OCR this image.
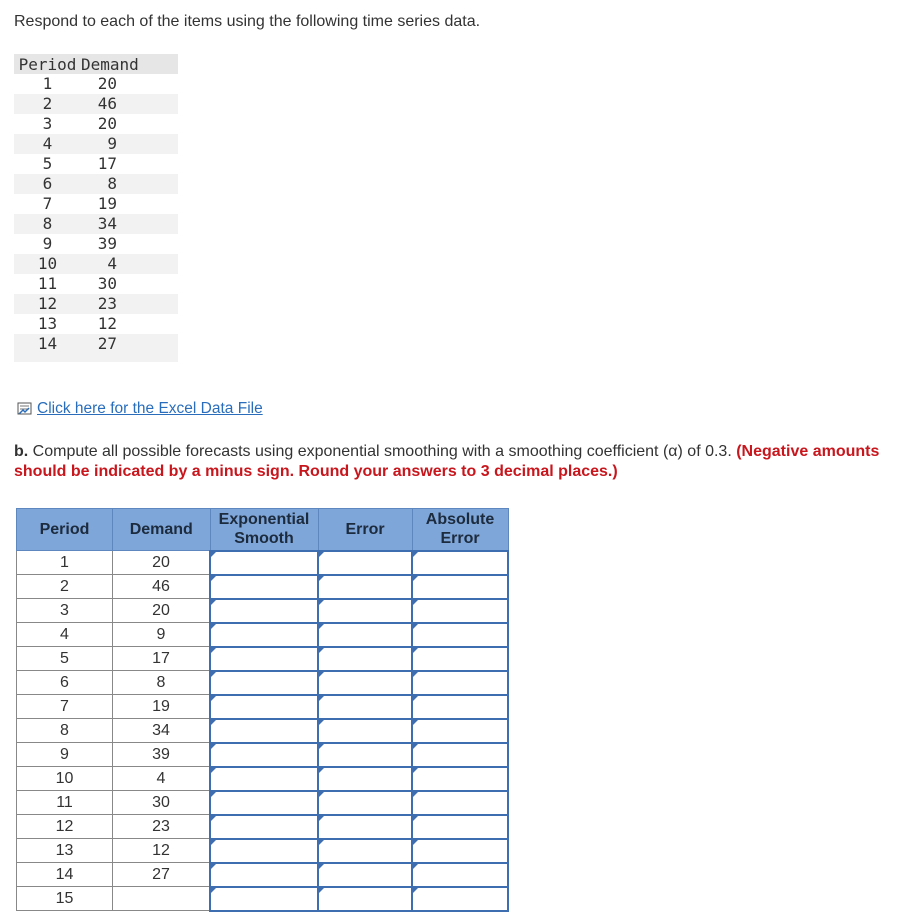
Respond to each of the items using the following time series data.
Period	Demand
1	20
2	46
3	20
4	9
5	17
6	8
7	19
8	34
9	39
10	4
11	30
12	23
13	12
14	27

Click here for the Excel Data File
b. Compute all possible forecasts using exponential smoothing with a smoothing coefficient (α) of 0.3. (Negative amounts should be indicated by a minus sign. Round your answers to 3 decimal places.)
Period	Demand	Exponential Smooth	Error	Absolute Error
1	20			
2	46			
3	20			
4	9			
5	17			
6	8			
7	19			
8	34			
9	39			
10	4			
11	30			
12	23			
13	12			
14	27			
15				
